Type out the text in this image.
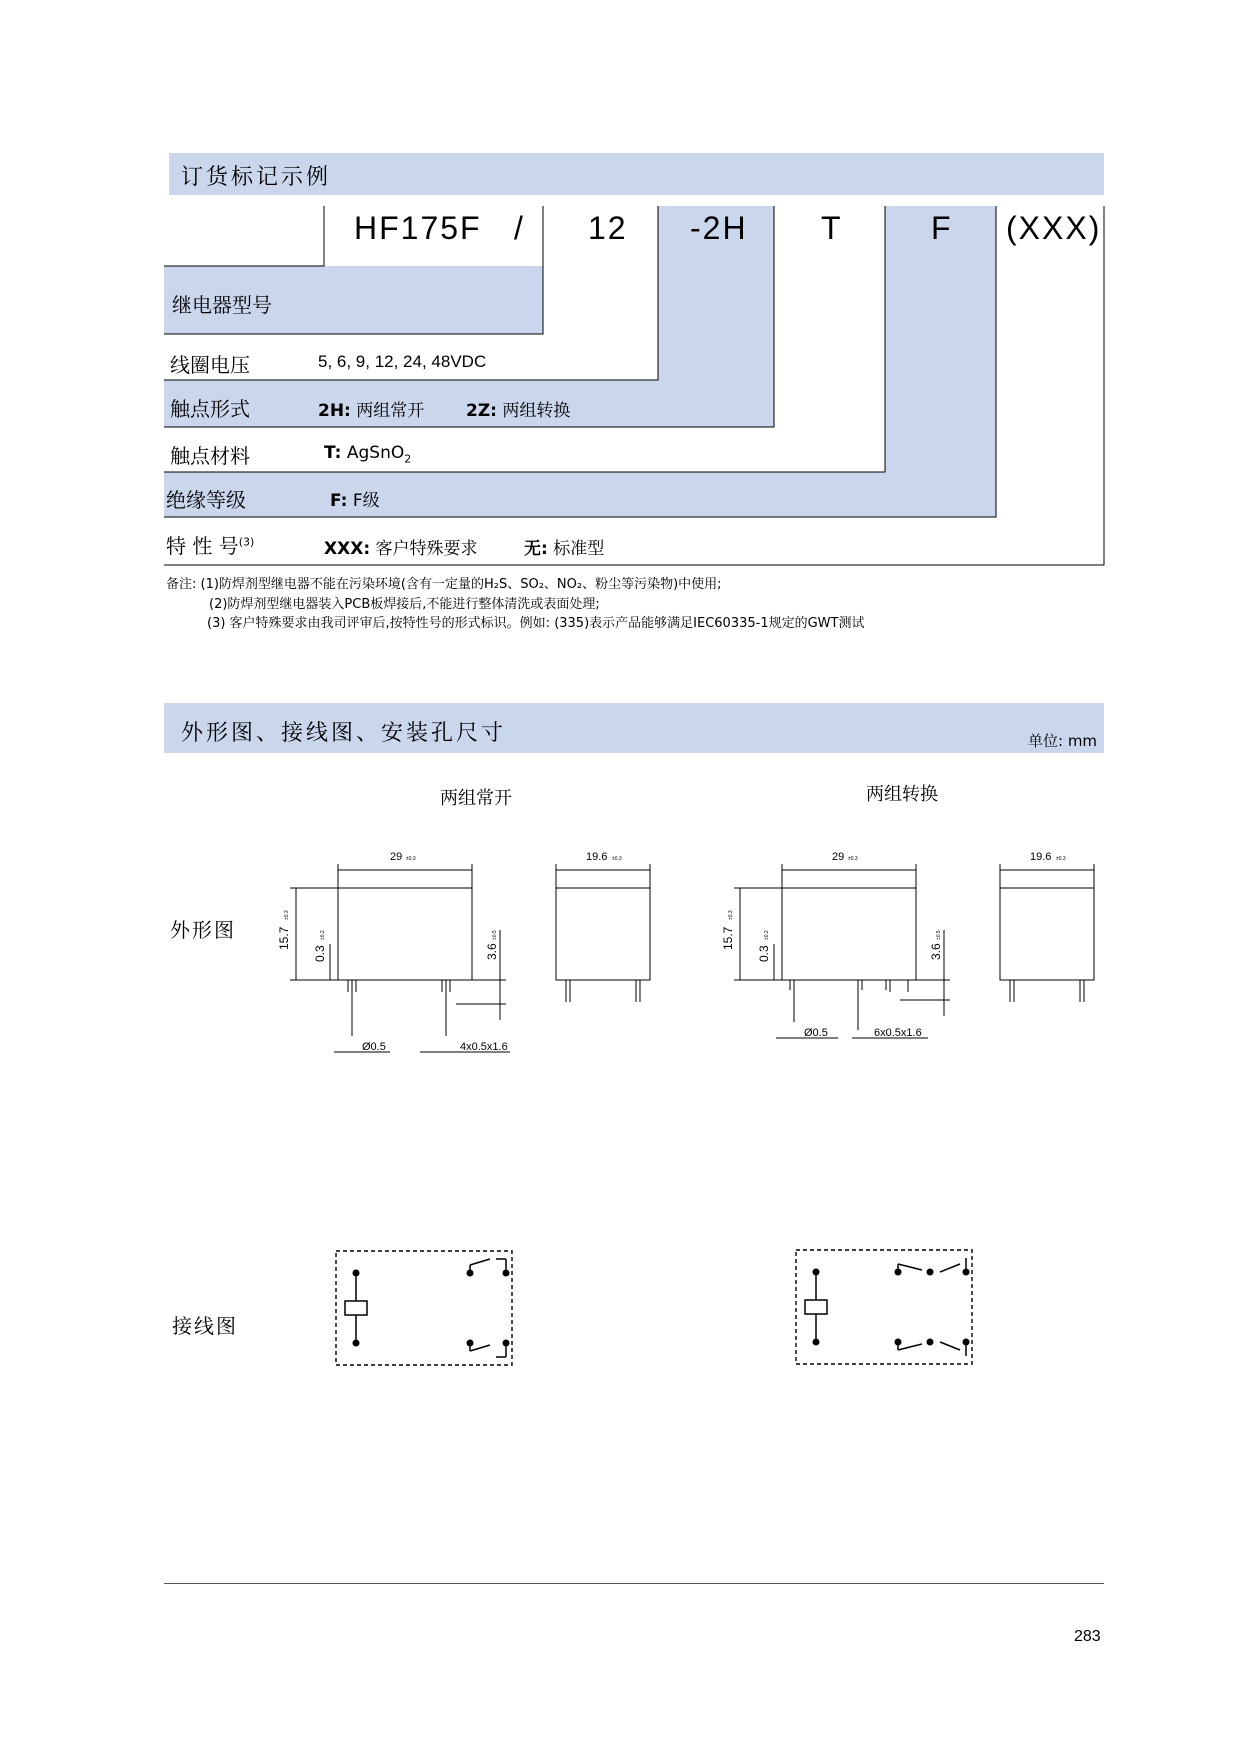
订货标记示例
HF175F / 12 -2H T	F (XXX)
继电器型号
线圈电压	5, 6, 9, 12, 24, 48VDC
触点形式	2H: 两组常开 2Z: 两组转换
触点材料	T: AgSnO$_2$
绝缘等级	F: F级
特 性 号$^{(3)}$	XXX: 客户特殊要求	无: 标准型
备注: (1)防焊剂型继电器不能在污染环境(含有一定量的H₂S、SO₂、NO₂、粉尘等污染物)中使用;
(2)防焊剂型继电器装入PCB板焊接后,不能进行整体清洗或表面处理;
(3) 客户特殊要求由我司评审后,按特性号的形式标识。例如: (335)表示产品能够满足IEC60335-1规定的GWT测试
外形图、接线图、安装孔尺寸	单位: mm
两组常开	两组转换
外形图
接线图
29 ±0.3
15.7
±0.3
0.3
±0.2
3.6
±0.5
Ø0.5	4x0.5x1.6
19.6 ±0.3	29 ±0.3
15.7
±0.3
0.3
±0.2
3.6
±0.5
Ø0.5	6x0.5x1.6
19.6 ±0.3
283
